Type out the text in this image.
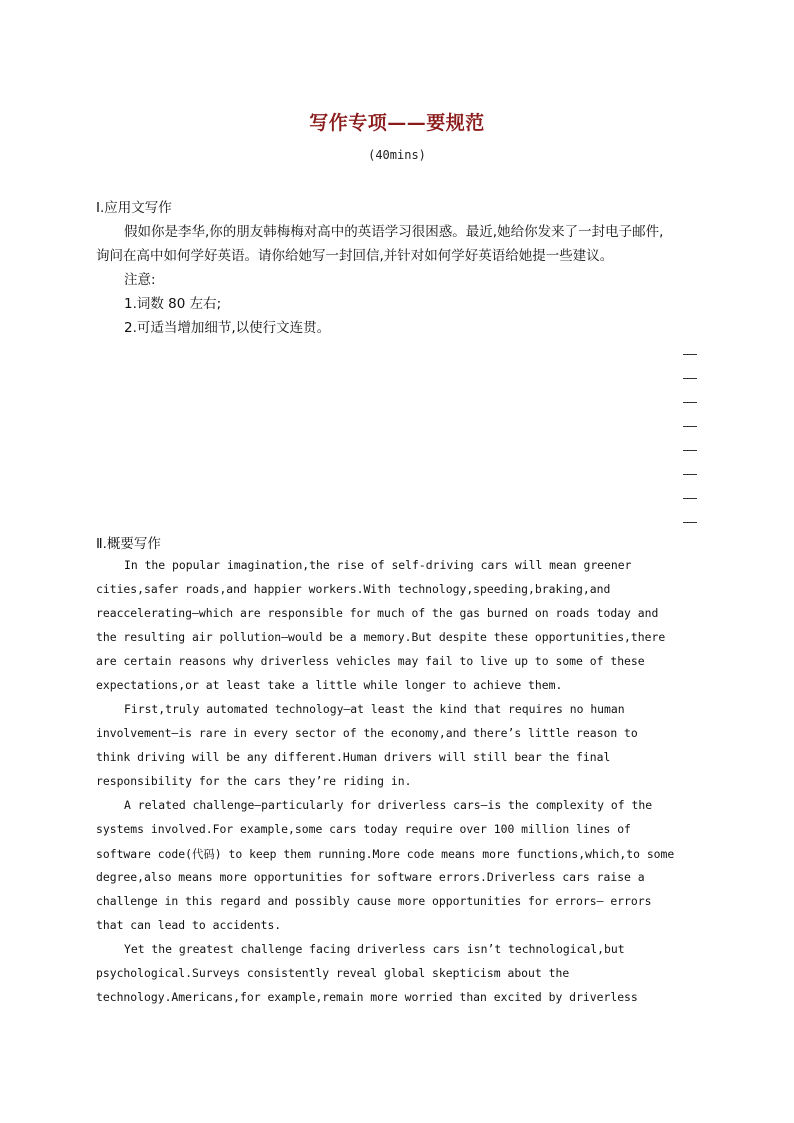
写作专项——要规范
(40mins)
Ⅰ.应用文写作
假如你是李华,你的朋友韩梅梅对高中的英语学习很困惑。最近,她给你发来了一封电子邮件,
询问在高中如何学好英语。请你给她写一封回信,并针对如何学好英语给她提一些建议。
注意:
1.词数 80 左右;
2.可适当增加细节,以使行文连贯。
Ⅱ.概要写作
In the popular imagination,the rise of self-driving cars will mean greener
cities,safer roads,and happier workers.With technology,speeding,braking,and
reaccelerating—which are responsible for much of the gas burned on roads today and
the resulting air pollution—would be a memory.But despite these opportunities,there
are certain reasons why driverless vehicles may fail to live up to some of these
expectations,or at least take a little while longer to achieve them.
First,truly automated technology—at least the kind that requires no human
involvement—is rare in every sector of the economy,and there’s little reason to
think driving will be any different.Human drivers will still bear the final
responsibility for the cars they’re riding in.
A related challenge—particularly for driverless cars—is the complexity of the
systems involved.For example,some cars today require over 100 million lines of
software code(代码) to keep them running.More code means more functions,which,to some
degree,also means more opportunities for software errors.Driverless cars raise a
challenge in this regard and possibly cause more opportunities for errors— errors
that can lead to accidents.
Yet the greatest challenge facing driverless cars isn’t technological,but
psychological.Surveys consistently reveal global skepticism about the
technology.Americans,for example,remain more worried than excited by driverless
